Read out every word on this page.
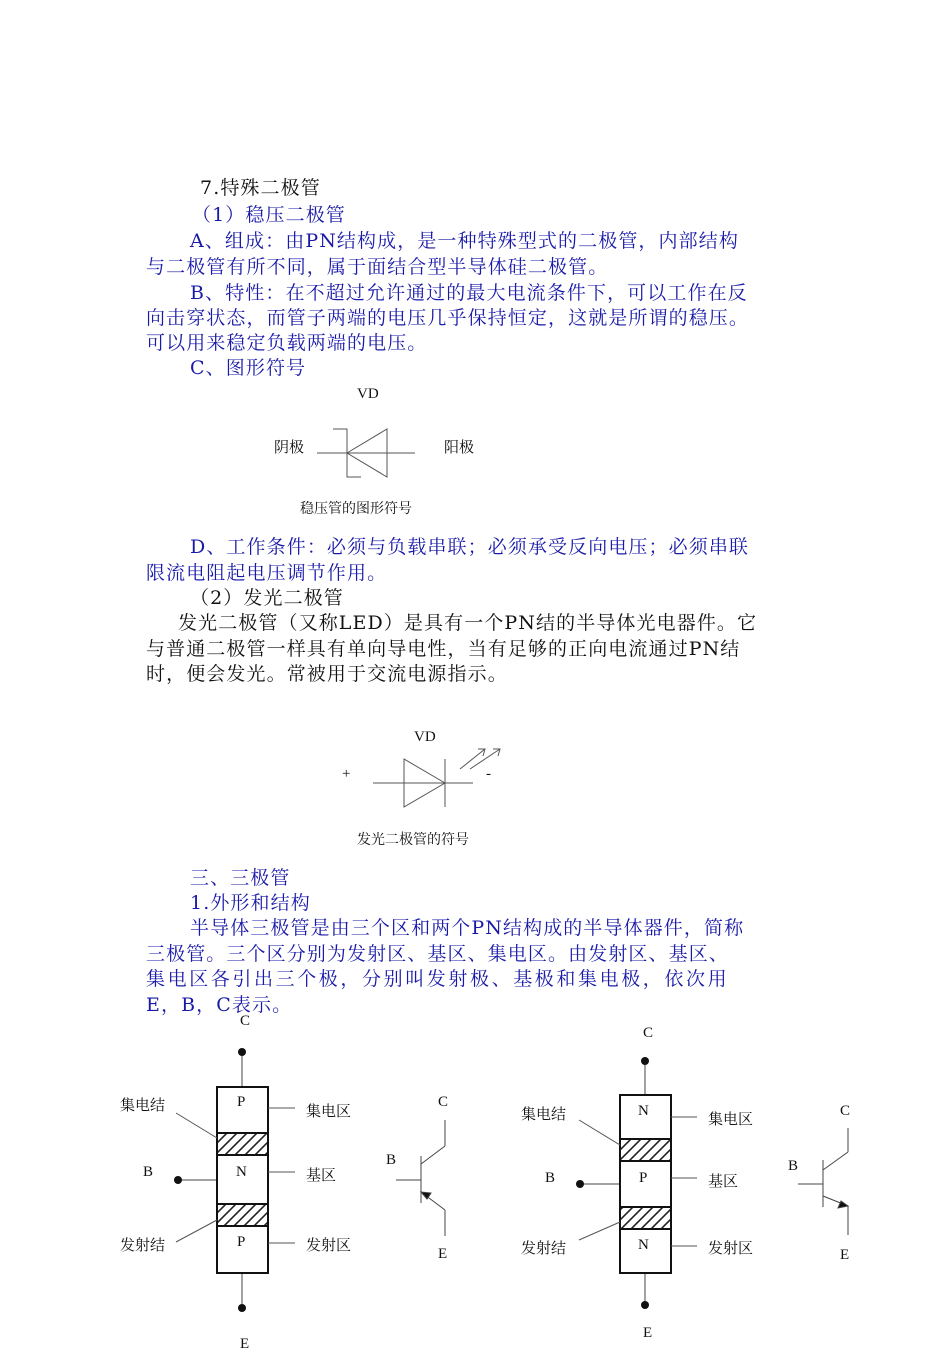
7.特殊二极管
（1）稳压二极管
A、组成：由PN结构成，是一种特殊型式的二极管，内部结构
与二极管有所不同，属于面结合型半导体硅二极管。
B、特性：在不超过允许通过的最大电流条件下，可以工作在反
向击穿状态，而管子两端的电压几乎保持恒定，这就是所谓的稳压。
可以用来稳定负载两端的电压。
C、图形符号
D、工作条件：必须与负载串联；必须承受反向电压；必须串联
限流电阻起电压调节作用。
（2）发光二极管
发光二极管（又称LED）是具有一个PN结的半导体光电器件。它
与普通二极管一样具有单向导电性，当有足够的正向电流通过PN结
时，便会发光。常被用于交流电源指示。
三、三极管
1.外形和结构
半导体三极管是由三个区和两个PN结构成的半导体器件，简称
三极管。三个区分别为发射区、基区、集电区。由发射区、基区、
集电区各引出三个极，分别叫发射极、基极和集电极，依次用
E，B，C表示。
VD
阴极	阳极
稳压管的图形符号
VD
+	-
发光二极管的符号
C
E
B
集电结
发射结
集电区
基区
发射区
P
N
P
C
B
E
C
E
B
集电结
发射结
集电区
基区
发射区
N
P
N
C
B
E
